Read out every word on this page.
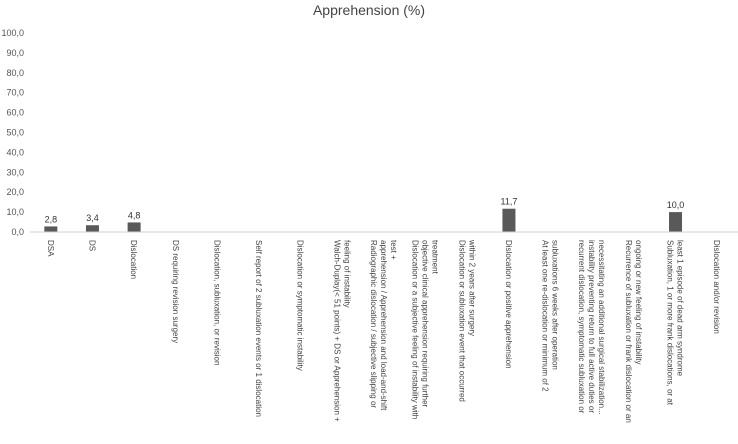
Apprehension (%)
0,0
10,0
20,0
30,0
40,0
50,0
60,0
70,0
80,0
90,0
100,0
2,8	3,4	4,8
11,7	10,0
DSA	DS	Dislocation	DS requiring revision surgery	Dislocation, subluxation, or revision	Self report of 2 subluxation events or 1 dislocation	Dislocation or symptomatic instability	Walch-Duplay(< 51 points) + DS or Apprehension +feeling of instability Radiographic dislocation / subjective slipping orapprehension / Apprehension and load-and-shifttest + Dislocation or a subjective feeling of instability withobjective clinical apprehension requiring furthertreatment Dislocation or subluxation event that occurredwithin 2 years after surgery	Dislocation or positive apprehension	At least one re-dislocation or minimum of 2subluxations 6 weeks after operation recurrent dislocation, symptomatic subluxation orinstability preventing return to full active duties ornecessitating an additional surgical stabilization... Recurrence of subluxation or frank dislocation or anongoing or new feeling of instability	Subluxation, 1 or more frank dislocations, or atleast 1 episode of dead arm syndrome	Dislocation and/or revision
